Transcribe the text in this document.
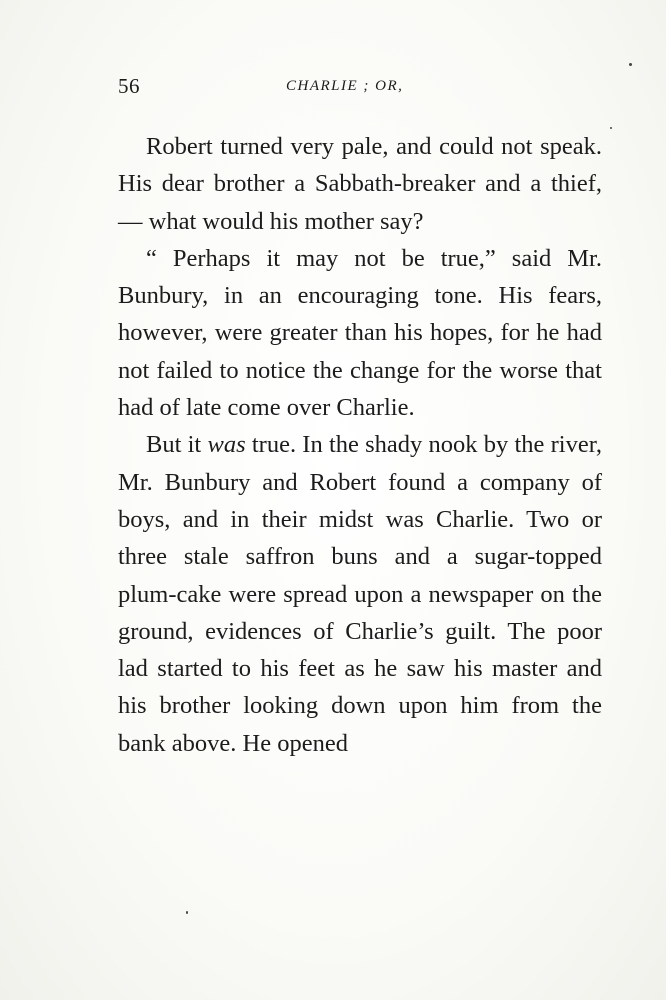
56	CHARLIE ; OR,

Robert turned very pale, and could not speak. His dear brother a Sabbath-breaker and a thief, — what would his mother say?

“ Perhaps it may not be true,” said Mr. Bunbury, in an encouraging tone. His fears, however, were greater than his hopes, for he had not failed to notice the change for the worse that had of late come over Charlie.

But it was true. In the shady nook by the river, Mr. Bunbury and Robert found a company of boys, and in their midst was Charlie. Two or three stale saffron buns and a sugar-topped plum-cake were spread upon a newspaper on the ground, evidences of Charlie’s guilt. The poor lad started to his feet as he saw his master and his brother looking down upon him from the bank above. He opened
